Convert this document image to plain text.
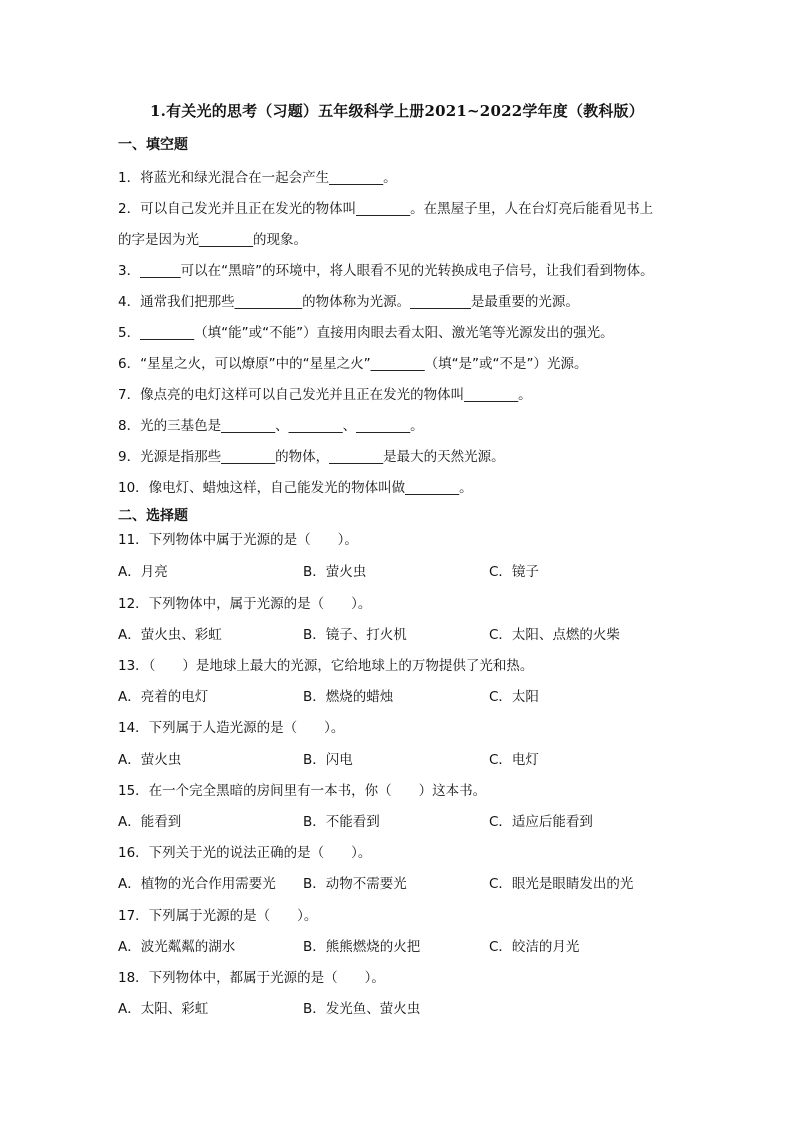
1.有关光的思考（习题）五年级科学上册2021~2022学年度（教科版）
一、填空题
1．将蓝光和绿光混合在一起会产生________。
2．可以自己发光并且正在发光的物体叫________。在黑屋子里，人在台灯亮后能看见书上
的字是因为光________的现象。
3．______可以在“黑暗”的环境中，将人眼看不见的光转换成电子信号，让我们看到物体。
4．通常我们把那些__________的物体称为光源。_________是最重要的光源。
5．________（填“能”或“不能”）直接用肉眼去看太阳、激光笔等光源发出的强光。
6．“星星之火，可以燎原”中的“星星之火”________（填“是”或“不是”）光源。
7．像点亮的电灯这样可以自己发光并且正在发光的物体叫________。
8．光的三基色是________、________、________。
9．光源是指那些________的物体，________是最大的天然光源。
10．像电灯、蜡烛这样，自己能发光的物体叫做________。
二、选择题
11．下列物体中属于光源的是（　　）。
A．月亮	B．萤火虫	C．镜子
12．下列物体中，属于光源的是（　　）。
A．萤火虫、彩虹	B．镜子、打火机	C．太阳、点燃的火柴
13．（　　）是地球上最大的光源，它给地球上的万物提供了光和热。
A．亮着的电灯	B．燃烧的蜡烛	C．太阳
14．下列属于人造光源的是（　　）。
A．萤火虫	B．闪电	C．电灯
15．在一个完全黑暗的房间里有一本书，你（　　）这本书。
A．能看到	B．不能看到	C．适应后能看到
16．下列关于光的说法正确的是（　　）。
A．植物的光合作用需要光 B．动物不需要光	C．眼光是眼睛发出的光
17．下列属于光源的是（　　）。
A．波光粼粼的湖水	B．熊熊燃烧的火把	C．皎洁的月光
18．下列物体中，都属于光源的是（　　）。
A．太阳、彩虹	B．发光鱼、萤火虫
